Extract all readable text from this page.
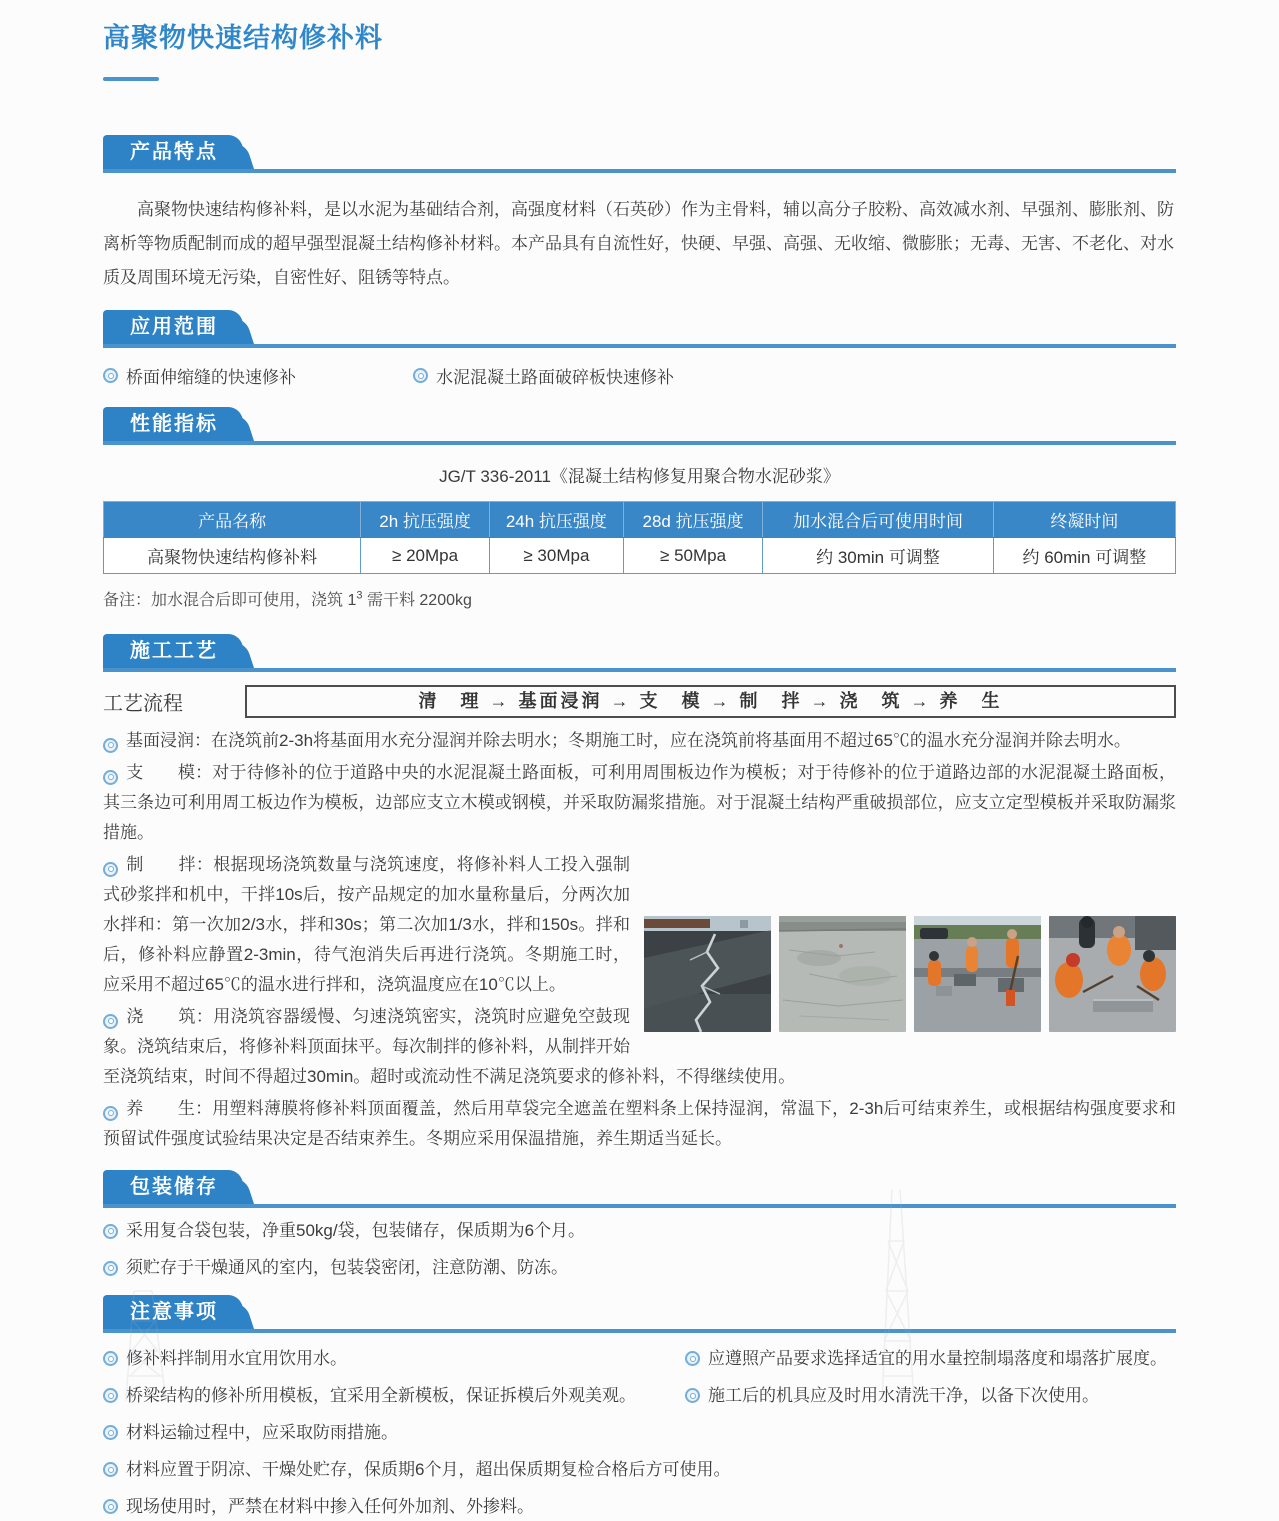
高聚物快速结构修补料
产品特点

高聚物快速结构修补料，是以水泥为基础结合剂，高强度材料（石英砂）作为主骨料，辅以高分子胶粉、高效减水剂、早强剂、膨胀剂、防离析等物质配制而成的超早强型混凝土结构修补材料。本产品具有自流性好，快硬、早强、高强、无收缩、微膨胀；无毒、无害、不老化、对水质及周围环境无污染，自密性好、阻锈等特点。

应用范围
桥面伸缩缝的快速修补	水泥混凝土路面破碎板快速修补
性能指标
JG/T 336-2011《混凝土结构修复用聚合物水泥砂浆》
产品名称	2h 抗压强度	24h 抗压强度	28d 抗压强度	加水混合后可使用时间	终凝时间
高聚物快速结构修补料	≥ 20Mpa	≥ 30Mpa	≥ 50Mpa	约 30min 可调整	约 60min 可调整
备注：加水混合后即可使用，浇筑 $1^3$ 需干料 2200kg
施工工艺
工艺流程	清　理 → 基面浸润 → 支　模 → 制　拌 → 浇　筑 → 养　生

基面浸润：在浇筑前2-3h将基面用水充分湿润并除去明水；冬期施工时，应在浇筑前将基面用不超过65℃的温水充分湿润并除去明水。

支　　模：对于待修补的位于道路中央的水泥混凝土路面板，可利用周围板边作为模板；对于待修补的位于道路边部的水泥混凝土路面板，其三条边可利用周工板边作为模板，边部应支立木模或钢模，并采取防漏浆措施。对于混凝土结构严重破损部位，应支立定型模板并采取防漏浆措施。

制　　拌：根据现场浇筑数量与浇筑速度，将修补料人工投入强制式砂浆拌和机中，干拌10s后，按产品规定的加水量称量后，分两次加水拌和：第一次加2/3水，拌和30s；第二次加1/3水，拌和150s。拌和后，修补料应静置2-3min，待气泡消失后再进行浇筑。冬期施工时，应采用不超过65℃的温水进行拌和，浇筑温度应在10℃以上。

浇　　筑：用浇筑容器缓慢、匀速浇筑密实，浇筑时应避免空鼓现象。浇筑结束后，将修补料顶面抹平。每次制拌的修补料，从制拌开始至浇筑结束，时间不得超过30min。超时或流动性不满足浇筑要求的修补料，不得继续使用。

养　　生：用塑料薄膜将修补料顶面覆盖，然后用草袋完全遮盖在塑料条上保持湿润，常温下，2-3h后可结束养生，或根据结构强度要求和预留试件强度试验结果决定是否结束养生。冬期应采用保温措施，养生期适当延长。

包装储存

采用复合袋包装，净重50kg/袋，包装储存，保质期为6个月。

须贮存于干燥通风的室内，包装袋密闭，注意防潮、防冻。

注意事项

修补料拌制用水宜用饮用水。

桥梁结构的修补所用模板，宜采用全新模板，保证拆模后外观美观。

材料运输过程中，应采取防雨措施。

材料应置于阴凉、干燥处贮存，保质期6个月，超出保质期复检合格后方可使用。

现场使用时，严禁在材料中掺入任何外加剂、外掺料。

应遵照产品要求选择适宜的用水量控制塌落度和塌落扩展度。

施工后的机具应及时用水清洗干净，以备下次使用。
